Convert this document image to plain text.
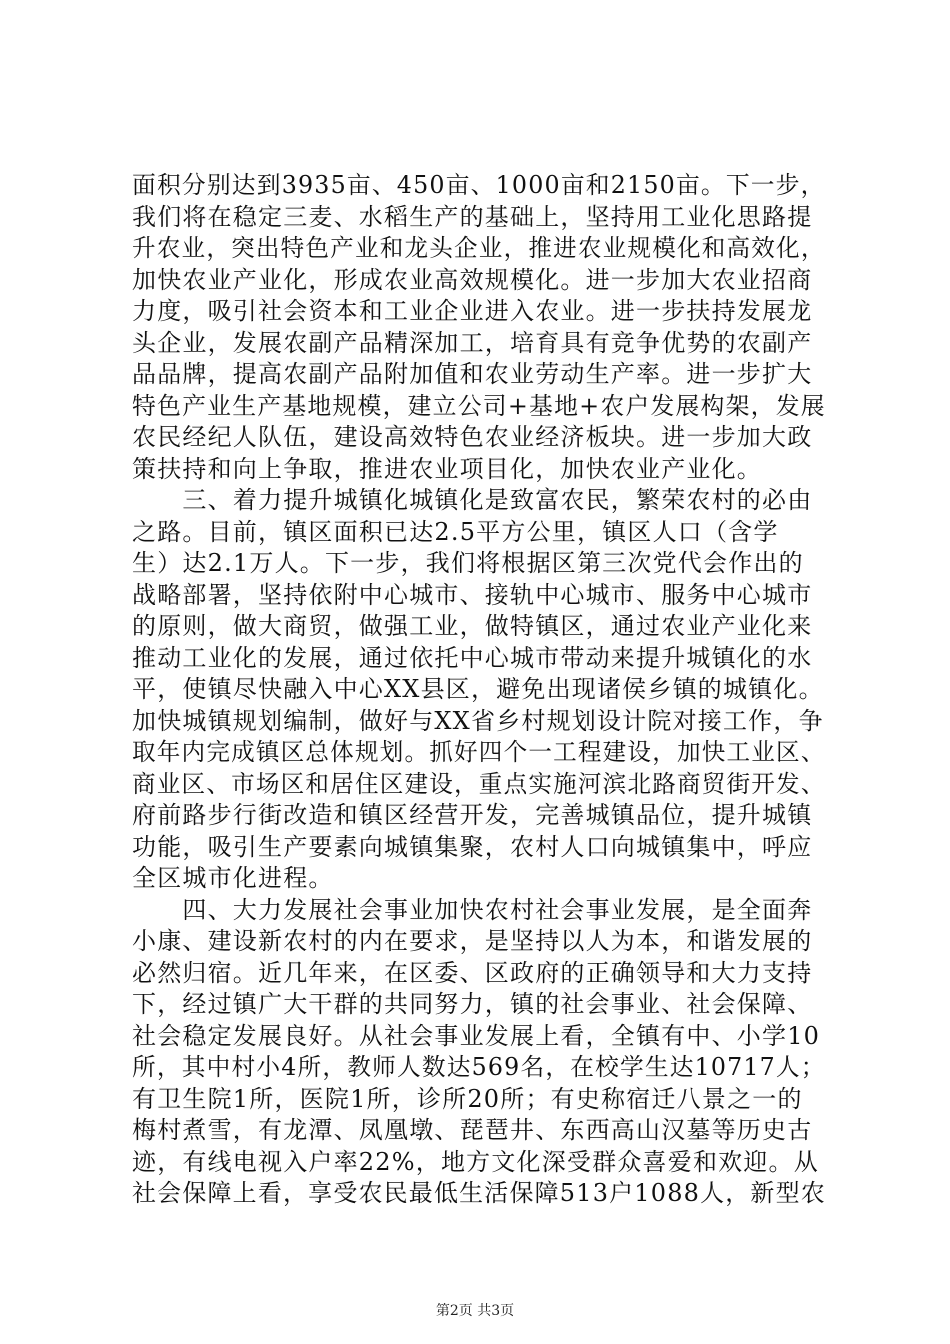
面积分别达到3935亩、450亩、1000亩和2150亩。下一步，
我们将在稳定三麦、水稻生产的基础上，坚持用工业化思路提
升农业，突出特色产业和龙头企业，推进农业规模化和高效化，
加快农业产业化，形成农业高效规模化。进一步加大农业招商
力度，吸引社会资本和工业企业进入农业。进一步扶持发展龙
头企业，发展农副产品精深加工，培育具有竞争优势的农副产
品品牌，提高农副产品附加值和农业劳动生产率。进一步扩大
特色产业生产基地规模，建立公司+基地+农户发展构架，发展
农民经纪人队伍，建设高效特色农业经济板块。进一步加大政
策扶持和向上争取，推进农业项目化，加快农业产业化。
　　三、着力提升城镇化城镇化是致富农民，繁荣农村的必由
之路。目前，镇区面积已达2.5平方公里，镇区人口（含学
生）达2.1万人。下一步，我们将根据区第三次党代会作出的
战略部署，坚持依附中心城市、接轨中心城市、服务中心城市
的原则，做大商贸，做强工业，做特镇区，通过农业产业化来
推动工业化的发展，通过依托中心城市带动来提升城镇化的水
平，使镇尽快融入中心XX县区，避免出现诸侯乡镇的城镇化。
加快城镇规划编制，做好与XX省乡村规划设计院对接工作，争
取年内完成镇区总体规划。抓好四个一工程建设，加快工业区、
商业区、市场区和居住区建设，重点实施河滨北路商贸街开发、
府前路步行街改造和镇区经营开发，完善城镇品位，提升城镇
功能，吸引生产要素向城镇集聚，农村人口向城镇集中，呼应
全区城市化进程。
　　四、大力发展社会事业加快农村社会事业发展，是全面奔
小康、建设新农村的内在要求，是坚持以人为本，和谐发展的
必然归宿。近几年来，在区委、区政府的正确领导和大力支持
下，经过镇广大干群的共同努力，镇的社会事业、社会保障、
社会稳定发展良好。从社会事业发展上看，全镇有中、小学10
所，其中村小4所，教师人数达569名，在校学生达10717人；
有卫生院1所，医院1所，诊所20所；有史称宿迁八景之一的
梅村煮雪，有龙潭、凤凰墩、琵琶井、东西高山汉墓等历史古
迹，有线电视入户率22%，地方文化深受群众喜爱和欢迎。从
社会保障上看，享受农民最低生活保障513户1088人，新型农
第2页 共3页
